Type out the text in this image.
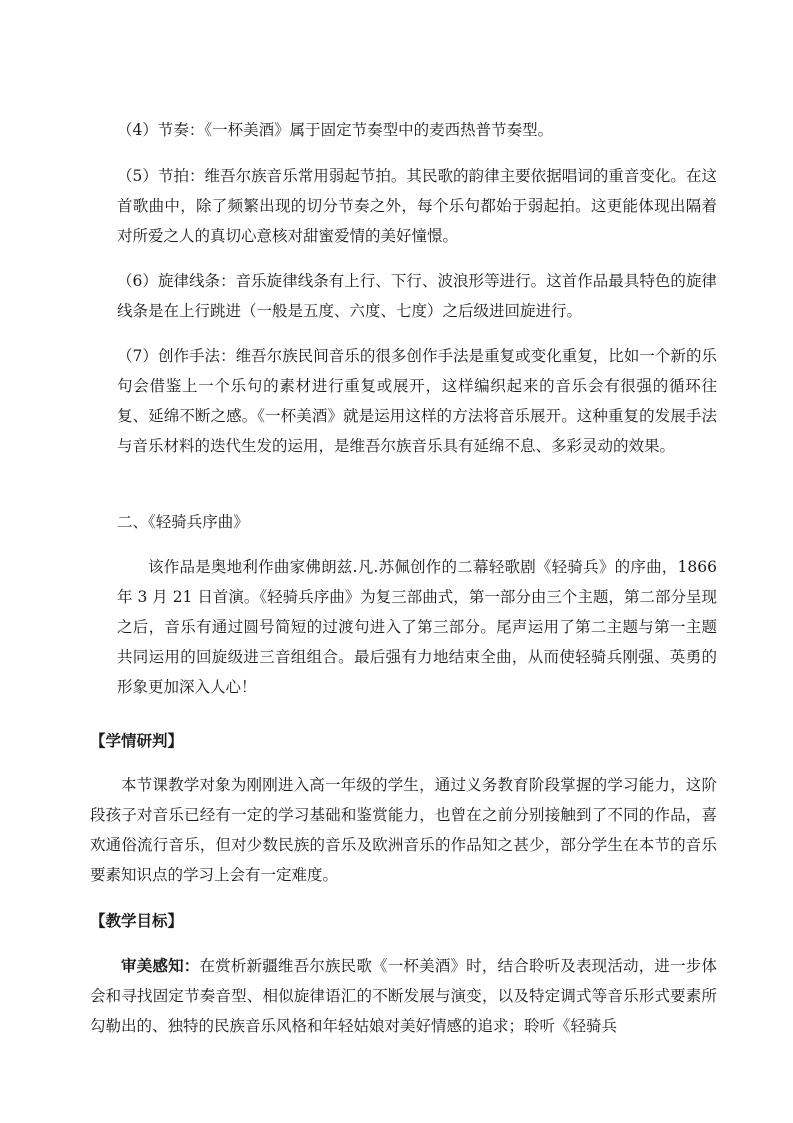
（4）节奏：《一杯美酒》属于固定节奏型中的麦西热普节奏型。

（5）节拍：维吾尔族音乐常用弱起节拍。其民歌的韵律主要依据唱词的重音变化。在这首歌曲中，除了频繁出现的切分节奏之外，每个乐句都始于弱起拍。这更能体现出隔着对所爱之人的真切心意核对甜蜜爱情的美好憧憬。

（6）旋律线条：音乐旋律线条有上行、下行、波浪形等进行。这首作品最具特色的旋律线条是在上行跳进（一般是五度、六度、七度）之后级进回旋进行。

（7）创作手法：维吾尔族民间音乐的很多创作手法是重复或变化重复，比如一个新的乐句会借鉴上一个乐句的素材进行重复或展开，这样编织起来的音乐会有很强的循环往复、延绵不断之感。《一杯美酒》就是运用这样的方法将音乐展开。这种重复的发展手法与音乐材料的迭代生发的运用，是维吾尔族音乐具有延绵不息、多彩灵动的效果。

二、《轻骑兵序曲》

该作品是奥地利作曲家佛朗兹.凡.苏佩创作的二幕轻歌剧《轻骑兵》的序曲，1866 年 3 月 21 日首演。《轻骑兵序曲》为复三部曲式，第一部分由三个主题，第二部分呈现之后，音乐有通过圆号简短的过渡句进入了第三部分。尾声运用了第二主题与第一主题共同运用的回旋级进三音组组合。最后强有力地结束全曲，从而使轻骑兵刚强、英勇的形象更加深入人心！

【学情研判】

本节课教学对象为刚刚进入高一年级的学生，通过义务教育阶段掌握的学习能力，这阶段孩子对音乐已经有一定的学习基础和鉴赏能力，也曾在之前分别接触到了不同的作品，喜欢通俗流行音乐，但对少数民族的音乐及欧洲音乐的作品知之甚少，部分学生在本节的音乐要素知识点的学习上会有一定难度。

【教学目标】

审美感知：在赏析新疆维吾尔族民歌《一杯美酒》时，结合聆听及表现活动，进一步体会和寻找固定节奏音型、相似旋律语汇的不断发展与演变，以及特定调式等音乐形式要素所勾勒出的、独特的民族音乐风格和年轻姑娘对美好情感的追求；聆听《轻骑兵
